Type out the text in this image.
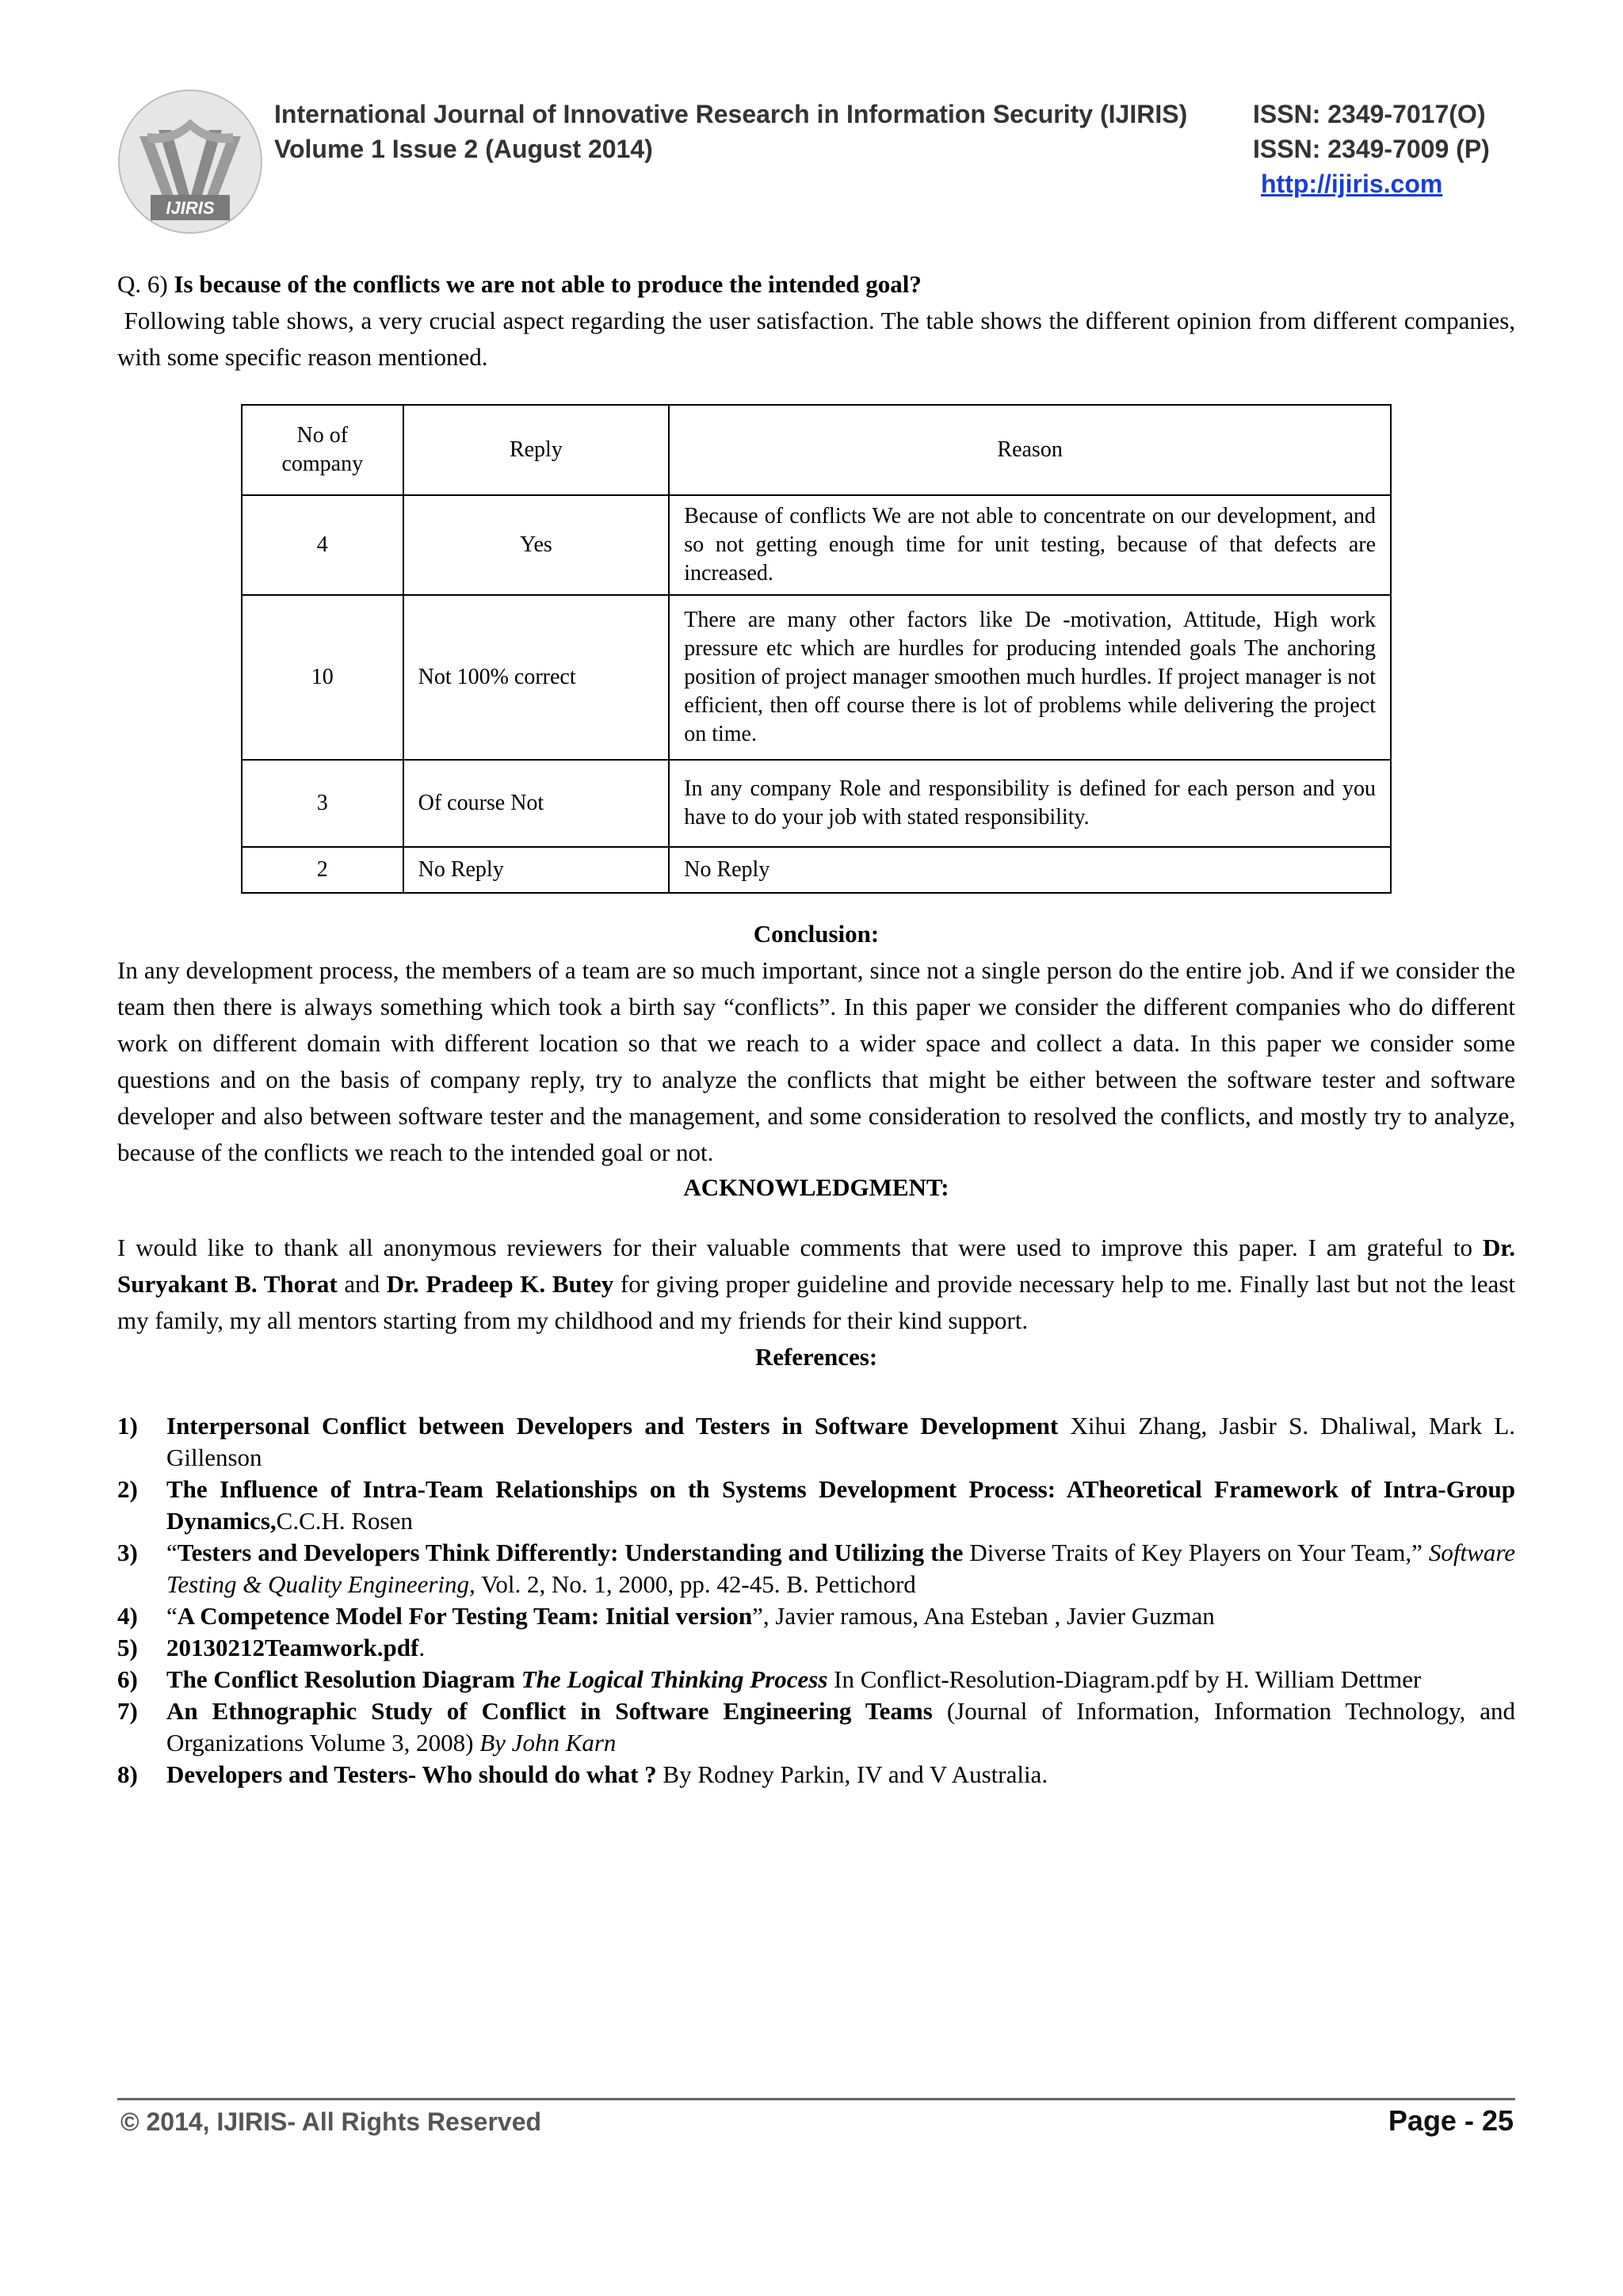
IJIRIS
International Journal of Innovative Research in Information Security (IJIRIS)
Volume 1 Issue 2 (August 2014)
ISSN: 2349-7017(O)
ISSN: 2349-7009 (P)
http://ijiris.com
Q. 6) Is because of the conflicts we are not able to produce the intended goal?
Following table shows, a very crucial aspect regarding the user satisfaction. The table shows the different opinion from different companies, with some specific reason mentioned.
No of company	Reply	Reason
4	Yes	Because of conflicts We are not able to concentrate on our development, and so not getting enough time for unit testing, because of that defects are increased.
10	Not 100% correct	There are many other factors like De -motivation, Attitude, High work pressure etc which are hurdles for producing intended goals The anchoring position of project manager smoothen much hurdles. If project manager is not efficient, then off course there is lot of problems while delivering the project on time.
3	Of course Not	In any company Role and responsibility is defined for each person and you have to do your job with stated responsibility.
2	No Reply	No Reply
Conclusion:
In any development process, the members of a team are so much important, since not a single person do the entire job. And if we consider the team then there is always something which took a birth say “conflicts”. In this paper we consider the different companies who do different work on different domain with different location so that we reach to a wider space and collect a data. In this paper we consider some questions and on the basis of company reply, try to analyze the conflicts that might be either between the software tester and software developer and also between software tester and the management, and some consideration to resolved the conflicts, and mostly try to analyze, because of the conflicts we reach to the intended goal or not.
ACKNOWLEDGMENT:
I would like to thank all anonymous reviewers for their valuable comments that were used to improve this paper. I am grateful to Dr. Suryakant B. Thorat and Dr. Pradeep K. Butey for giving proper guideline and provide necessary help to me. Finally last but not the least my family, my all mentors starting from my childhood and my friends for their kind support.
References:
1) Interpersonal Conflict between Developers and Testers in Software Development Xihui Zhang, Jasbir S. Dhaliwal, Mark L. Gillenson
2) The Influence of Intra-Team Relationships on th Systems Development Process: ATheoretical Framework of Intra-Group Dynamics,C.C.H. Rosen
3) “Testers and Developers Think Differently: Understanding and Utilizing the Diverse Traits of Key Players on Your Team,” Software Testing & Quality Engineering, Vol. 2, No. 1, 2000, pp. 42-45. B. Pettichord
4) “A Competence Model For Testing Team: Initial version”, Javier ramous, Ana Esteban , Javier Guzman
5) 20130212Teamwork.pdf.
6) The Conflict Resolution Diagram The Logical Thinking Process In Conflict-Resolution-Diagram.pdf by H. William Dettmer
7) An Ethnographic Study of Conflict in Software Engineering Teams (Journal of Information, Information Technology, and Organizations Volume 3, 2008) By John Karn
8) Developers and Testers- Who should do what ? By Rodney Parkin, IV and V Australia.
© 2014, IJIRIS- All Rights Reserved	Page - 25
